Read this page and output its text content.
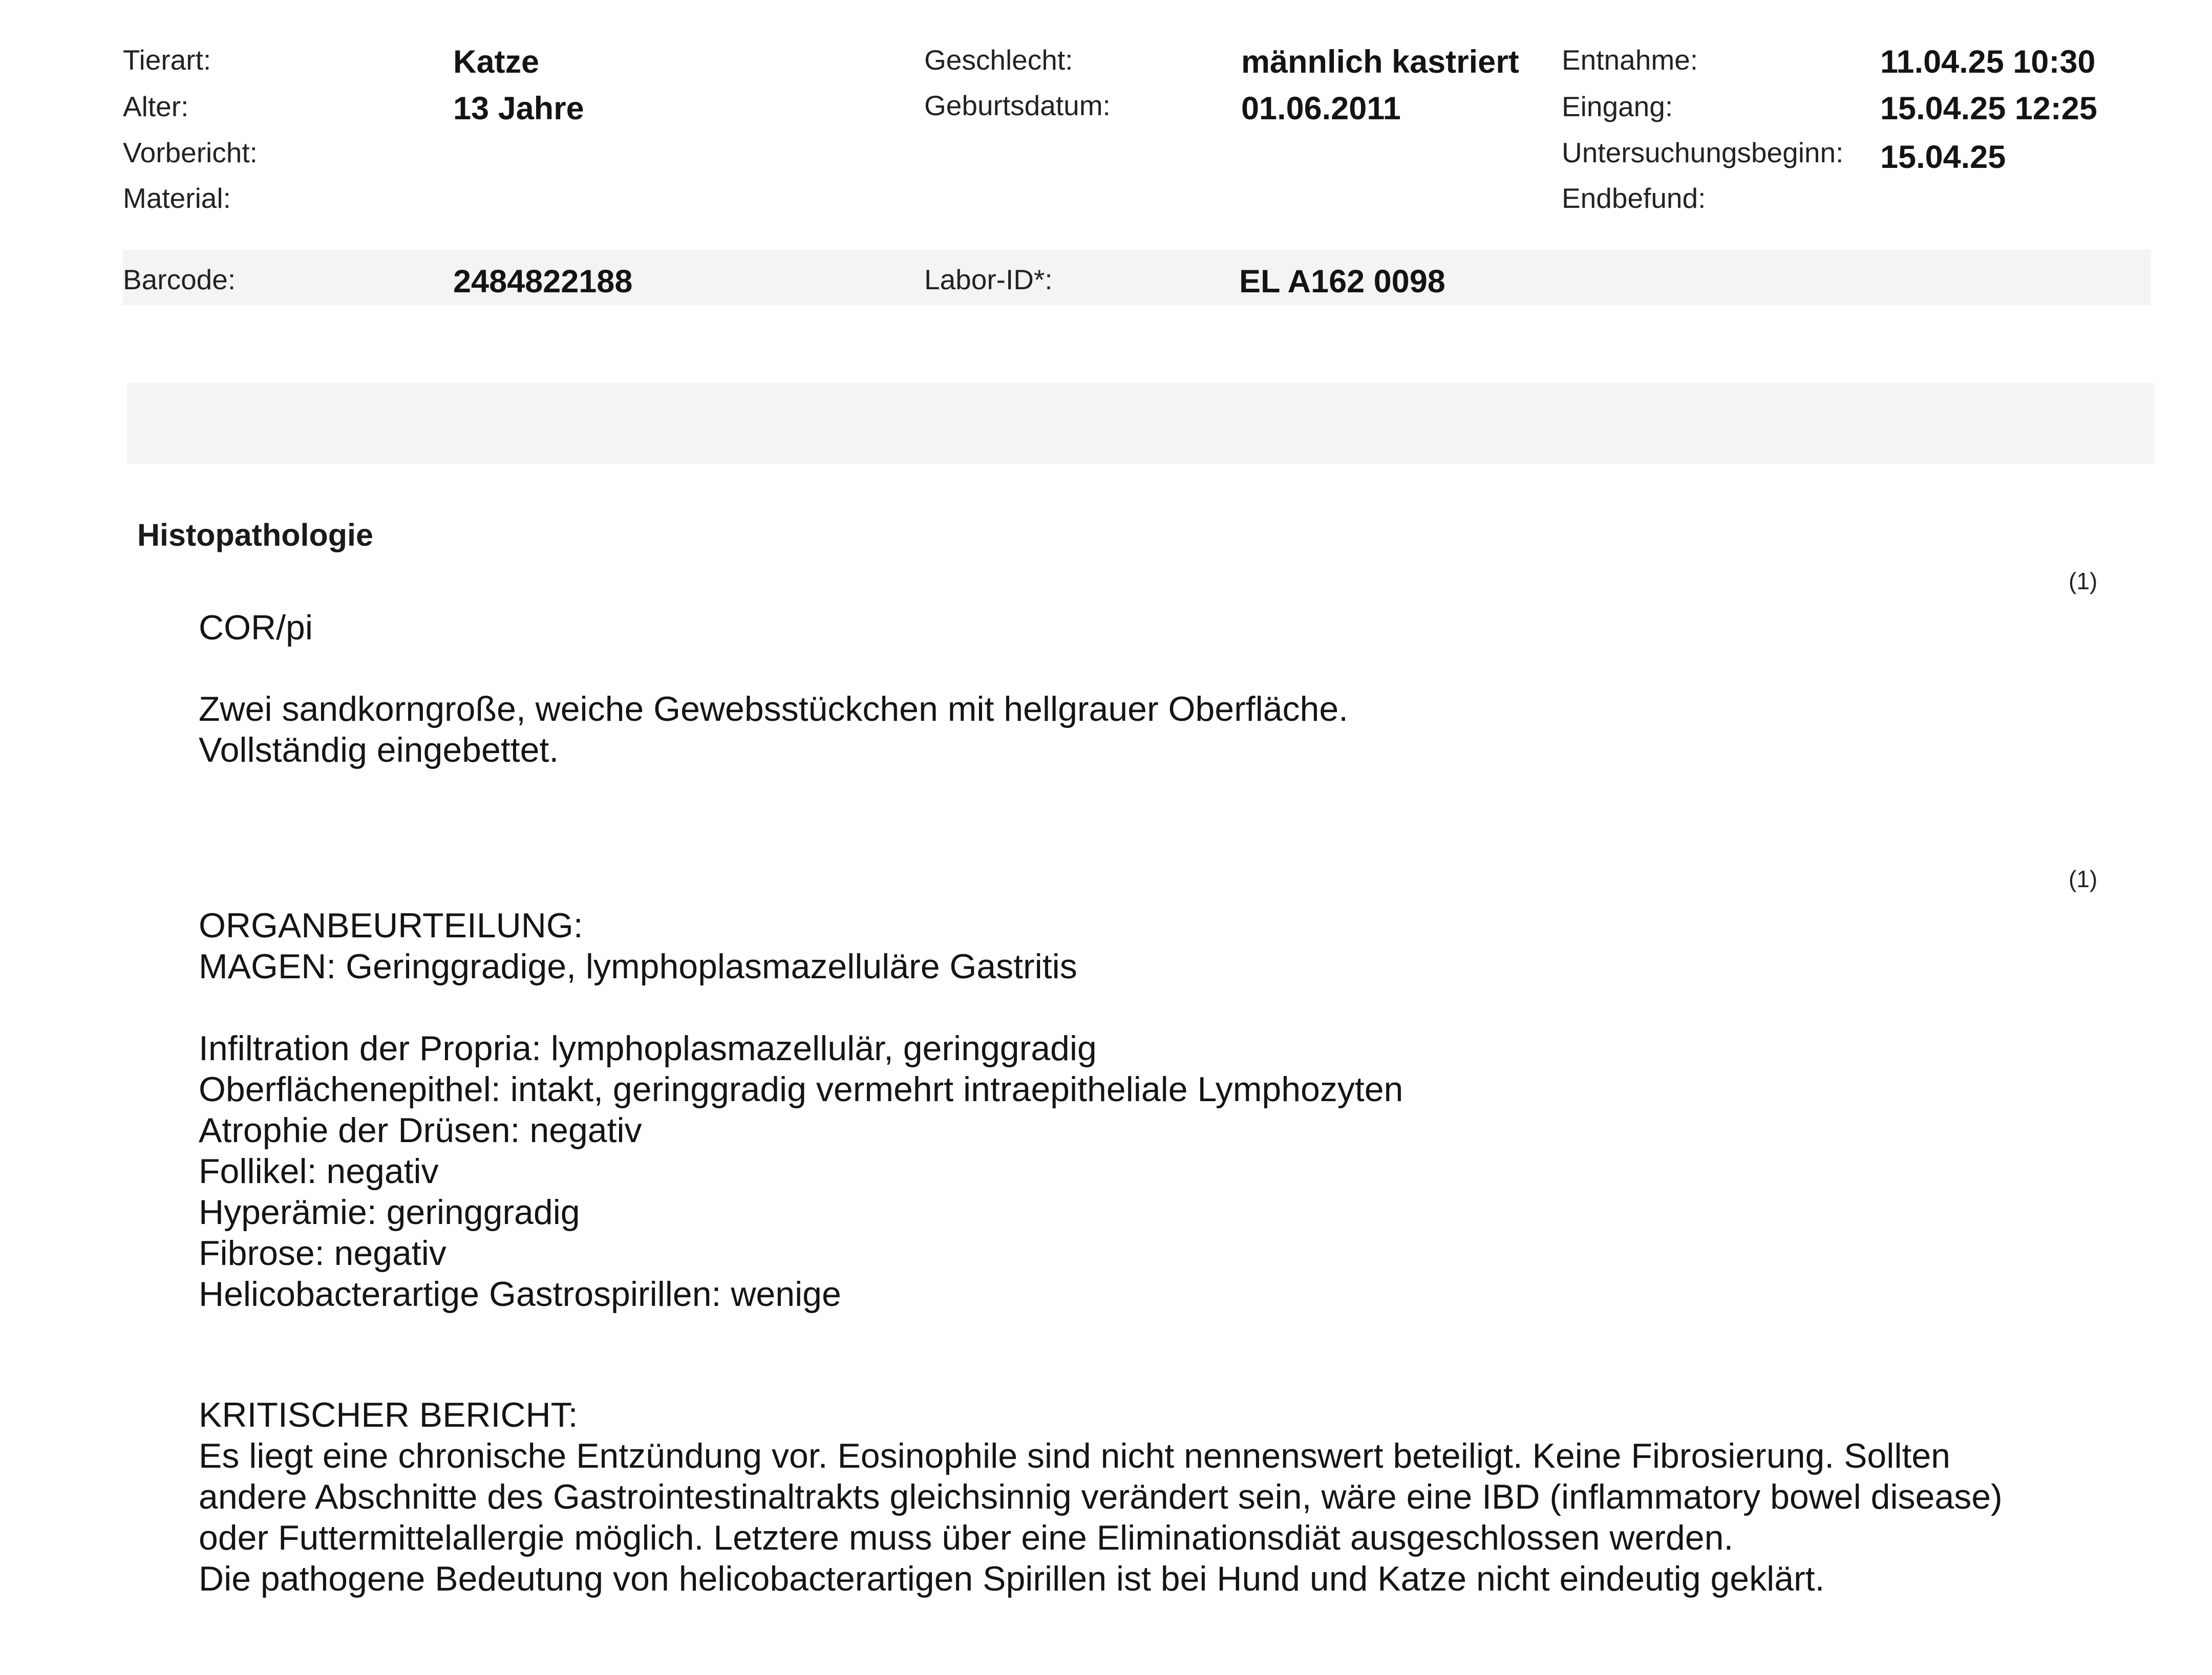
Tierart:	Katze
Alter:	13 Jahre
Vorbericht:
Material:
Geschlecht:	männlich kastriert
Geburtsdatum:	01.06.2011
Entnahme:	11.04.25 10:30
Eingang:	15.04.25 12:25
Untersuchungsbeginn: 15.04.25
Endbefund:
Barcode:	2484822188	Labor-ID*:	EL A162 0098
Histopathologie
(1)
(1)
COR/pi
Zwei sandkorngroße, weiche Gewebsstückchen mit hellgrauer Oberfläche.
Vollständig eingebettet.
ORGANBEURTEILUNG:
MAGEN: Geringgradige, lymphoplasmazelluläre Gastritis
Infiltration der Propria: lymphoplasmazellulär, geringgradig
Oberflächenepithel: intakt, geringgradig vermehrt intraepitheliale Lymphozyten
Atrophie der Drüsen: negativ
Follikel: negativ
Hyperämie: geringgradig
Fibrose: negativ
Helicobacterartige Gastrospirillen: wenige
KRITISCHER BERICHT:
Es liegt eine chronische Entzündung vor. Eosinophile sind nicht nennenswert beteiligt. Keine Fibrosierung. Sollten
andere Abschnitte des Gastrointestinaltrakts gleichsinnig verändert sein, wäre eine IBD (inflammatory bowel disease)
oder Futtermittelallergie möglich. Letztere muss über eine Eliminationsdiät ausgeschlossen werden.
Die pathogene Bedeutung von helicobacterartigen Spirillen ist bei Hund und Katze nicht eindeutig geklärt.
